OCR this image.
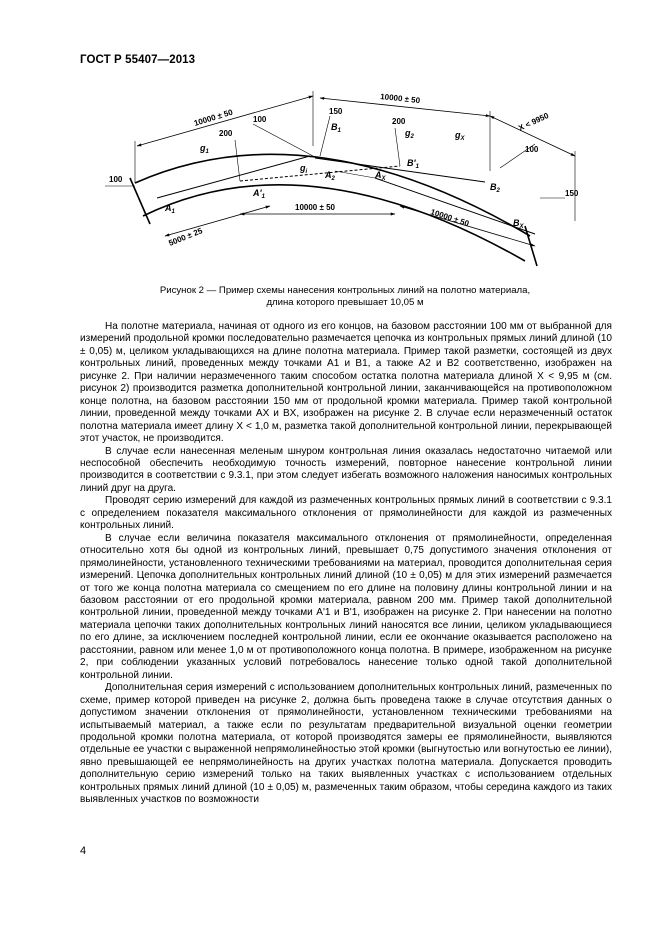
ГОСТ Р 55407—2013
10000 ± 50
10000 ± 50
X < 9950
100
100
100
150
150
200
200
5000 ± 25
10000 ± 50	10000 ± 50
$g_1$
$g_i$
$g_2$	$g_X$
$A_1$
$A'_1$
$A_2$	$A_X$
$B_1$
$B'_1$
$B_2$
$B_X$
Рисунок 2 — Пример схемы нанесения контрольных линий на полотно материала,
длина которого превышает 10,05 м

На полотне материала, начиная от одного из его концов, на базовом расстоянии 100 мм от выбранной для измерений продольной кромки последовательно размечается цепочка из контрольных прямых линий длиной (10 ± 0,05) м, целиком укладывающихся на длине полотна материала. Пример такой разметки, состоящей из двух контрольных линий, проведенных между точками A1 и B1, а также A2 и B2 соответственно, изображен на рисунке 2. При наличии неразмеченного таким способом остатка полотна материала длиной X < 9,95 м (см. рисунок 2) производится разметка дополнительной контрольной линии, заканчивающейся на противоположном конце полотна, на базовом расстоянии 150 мм от продольной кромки материала. Пример такой контрольной линии, проведенной между точками AX и BX, изображен на рисунке 2. В случае если неразмеченный остаток полотна материала имеет длину X < 1,0 м, разметка такой дополнительной контрольной линии, перекрывающей этот участок, не производится.

В случае если нанесенная меленым шнуром контрольная линия оказалась недостаточно читаемой или неспособной обеспечить необходимую точность измерений, повторное нанесение контрольной линии производится в соответствии с 9.3.1, при этом следует избегать возможного наложения наносимых контрольных линий друг на друга.

Проводят серию измерений для каждой из размеченных контрольных прямых линий в соответствии с 9.3.1 с определением показателя максимального отклонения от прямолинейности для каждой из размеченных контрольных линий.

В случае если величина показателя максимального отклонения от прямолинейности, определенная относительно хотя бы одной из контрольных линий, превышает 0,75 допустимого значения отклонения от прямолинейности, установленного техническими требованиями на материал, проводится дополнительная серия измерений. Цепочка дополнительных контрольных линий длиной (10 ± 0,05) м для этих измерений размечается от того же конца полотна материала со смещением по его длине на половину длины контрольной линии и на базовом расстоянии от его продольной кромки материала, равном 200 мм. Пример такой дополнительной контрольной линии, проведенной между точками A'1 и B'1, изображен на рисунке 2. При нанесении на полотно материала цепочки таких дополнительных контрольных линий наносятся все линии, целиком укладывающиеся по его длине, за исключением последней контрольной линии, если ее окончание оказывается расположено на расстоянии, равном или менее 1,0 м от противоположного конца полотна. В примере, изображенном на рисунке 2, при соблюдении указанных условий потребовалось нанесение только одной такой дополнительной контрольной линии.

Дополнительная серия измерений с использованием дополнительных контрольных линий, размеченных по схеме, пример которой приведен на рисунке 2, должна быть проведена также в случае отсутствия данных о допустимом значении отклонения от прямолинейности, установленном техническими требованиями на испытываемый материал, а также если по результатам предварительной визуальной оценки геометрии продольной кромки полотна материала, от которой производятся замеры ее прямолинейности, выявляются отдельные ее участки с выраженной непрямолинейностью этой кромки (выгнутостью или вогнутостью ее линии), явно превышающей ее непрямолинейность на других участках полотна материала. Допускается проводить дополнительную серию измерений только на таких выявленных участках с использованием отдельных контрольных прямых линий длиной (10 ± 0,05) м, размеченных таким образом, чтобы середина каждого из таких выявленных участков по возможности

4
